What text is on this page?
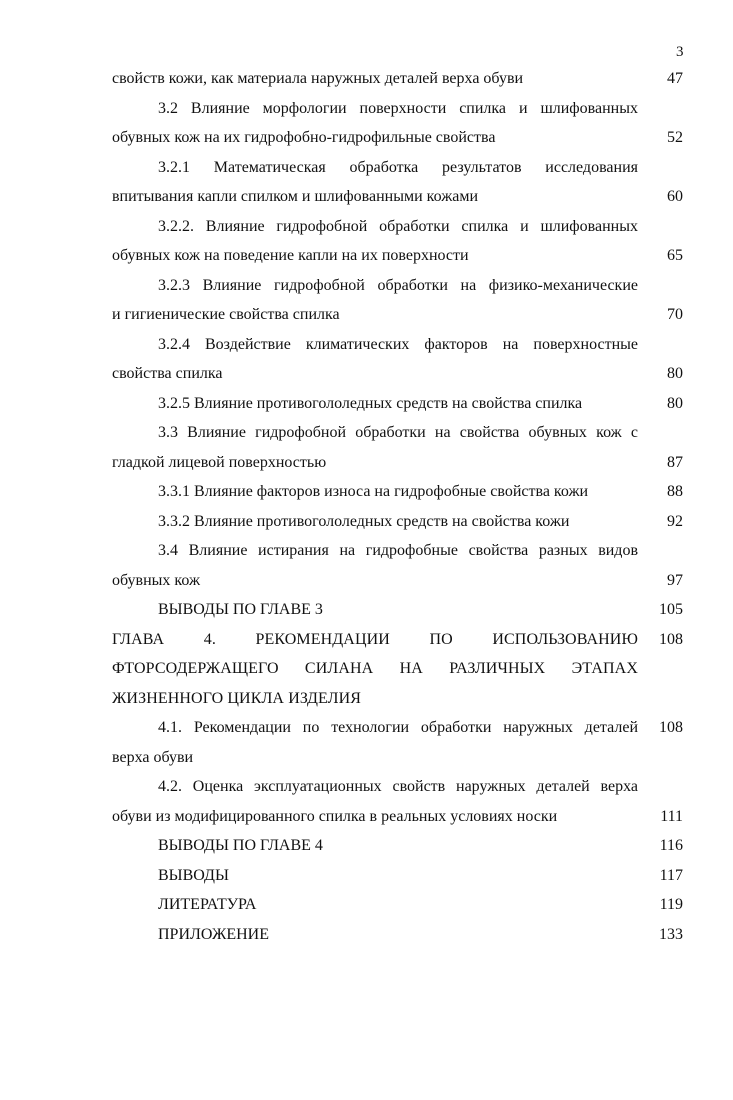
3
свойств кожи, как материала наружных деталей верха обуви	47
3.2 Влияние морфологии поверхности спилка и шлифованных
обувных кож на их гидрофобно-гидрофильные свойства	52
3.2.1 Математическая обработка результатов исследования
впитывания капли спилком и шлифованными кожами	60
3.2.2. Влияние гидрофобной обработки спилка и шлифованных
обувных кож на поведение капли на их поверхности	65
3.2.3 Влияние гидрофобной обработки на физико-механические
и гигиенические свойства спилка	70
3.2.4 Воздействие климатических факторов на поверхностные
свойства спилка	80
3.2.5 Влияние противогололедных средств на свойства спилка	80
3.3 Влияние гидрофобной обработки на свойства обувных кож с
гладкой лицевой поверхностью	87
3.3.1 Влияние факторов износа на гидрофобные свойства кожи	88
3.3.2 Влияние противогололедных средств на свойства кожи	92
3.4 Влияние истирания на гидрофобные свойства разных видов
обувных кож	97
ВЫВОДЫ ПО ГЛАВЕ 3	105
ГЛАВА 4. РЕКОМЕНДАЦИИ ПО ИСПОЛЬЗОВАНИЮ	108
ФТОРСОДЕРЖАЩЕГО СИЛАНА НА РАЗЛИЧНЫХ ЭТАПАХ
ЖИЗНЕННОГО ЦИКЛА ИЗДЕЛИЯ
4.1. Рекомендации по технологии обработки наружных деталей	108
верха обуви
4.2. Оценка эксплуатационных свойств наружных деталей верха
обуви из модифицированного спилка в реальных условиях носки	111
ВЫВОДЫ ПО ГЛАВЕ 4	116
ВЫВОДЫ	117
ЛИТЕРАТУРА	119
ПРИЛОЖЕНИЕ	133
